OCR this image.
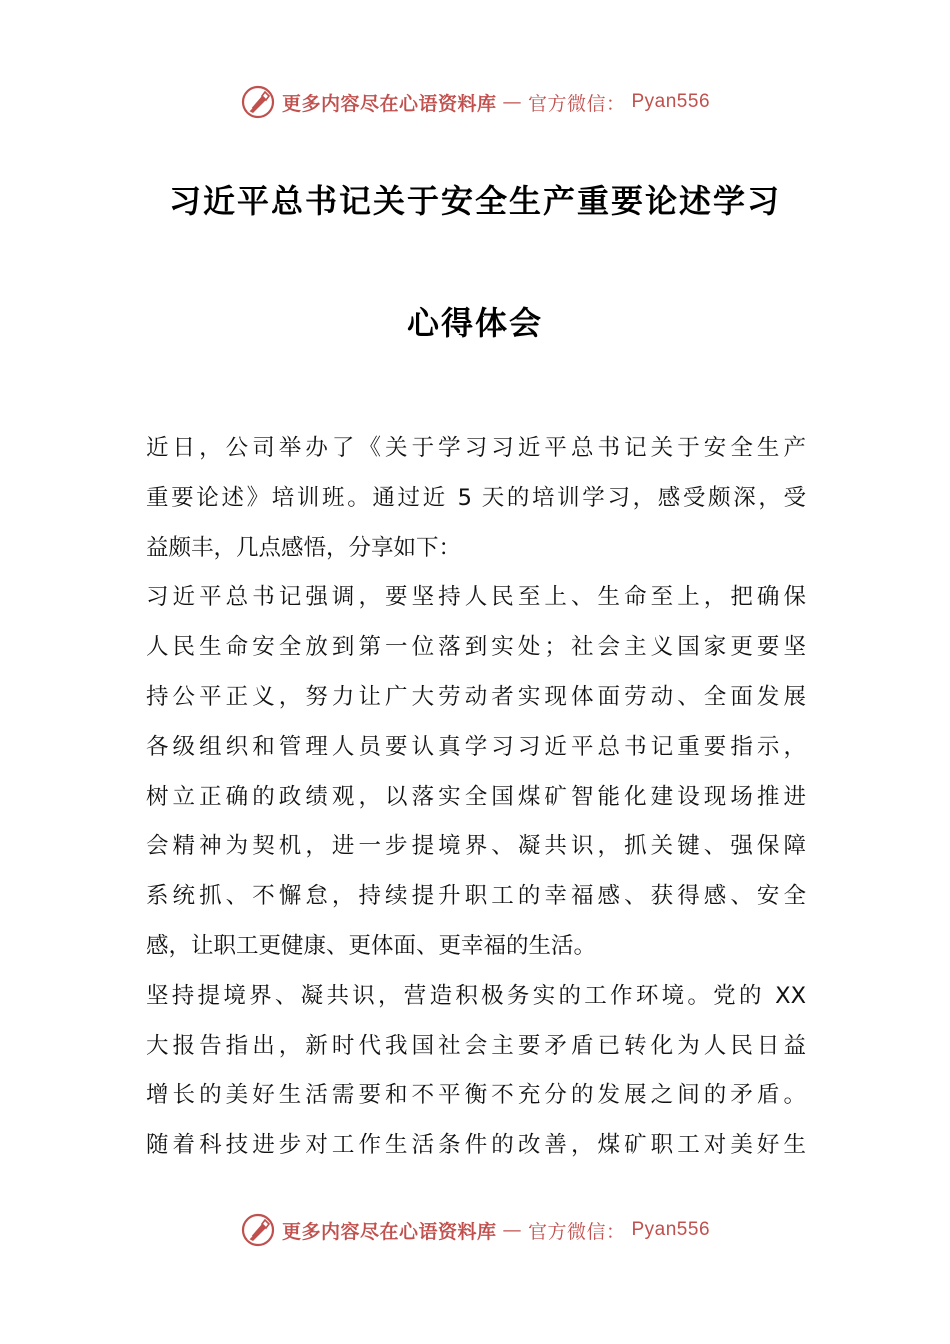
更多内容尽在心语资料库 — 官方微信： Pyan556
习近平总书记关于安全生产重要论述学习
心得体会
近日，公司举办了《关于学习习近平总书记关于安全生产
重要论述》培训班。通过近 5 天的培训学习，感受颇深，受
益颇丰，几点感悟，分享如下：
习近平总书记强调，要坚持人民至上、生命至上，把确保
人民生命安全放到第一位落到实处；社会主义国家更要坚
持公平正义，努力让广大劳动者实现体面劳动、全面发展
各级组织和管理人员要认真学习习近平总书记重要指示，
树立正确的政绩观，以落实全国煤矿智能化建设现场推进
会精神为契机，进一步提境界、凝共识，抓关键、强保障
系统抓、不懈怠，持续提升职工的幸福感、获得感、安全
感，让职工更健康、更体面、更幸福的生活。
坚持提境界、凝共识，营造积极务实的工作环境。党的 XX
大报告指出，新时代我国社会主要矛盾已转化为人民日益
增长的美好生活需要和不平衡不充分的发展之间的矛盾。
随着科技进步对工作生活条件的改善，煤矿职工对美好生
更多内容尽在心语资料库 — 官方微信： Pyan556
